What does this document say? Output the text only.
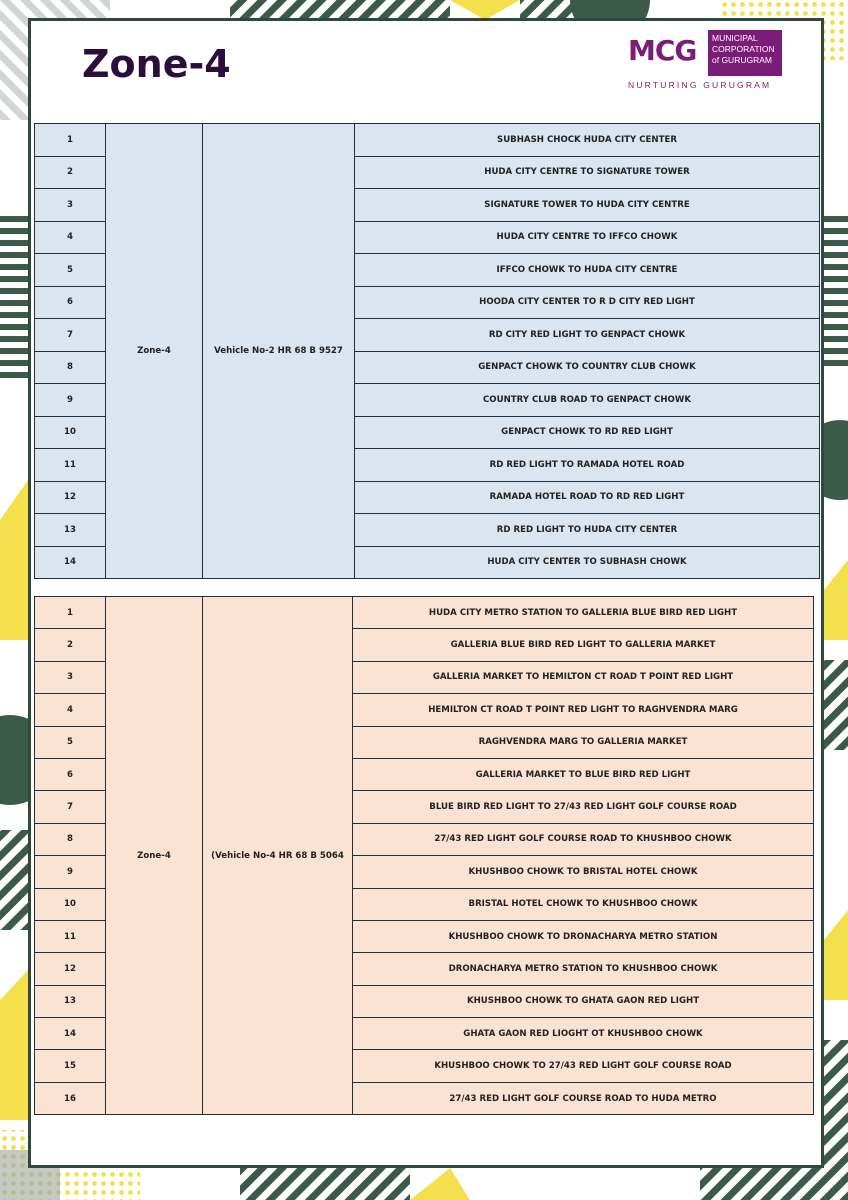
Zone-4	MCG MUNICIPAL
CORPORATION
of GURUGRAM
NURTURING GURUGRAM
1	Zone-4	Vehicle No-2 HR 68 B 9527	SUBHASH CHOCK HUDA CITY CENTER
2			HUDA CITY CENTRE TO SIGNATURE TOWER
3			SIGNATURE TOWER TO HUDA CITY CENTRE
4			HUDA CITY CENTRE TO IFFCO CHOWK
5			IFFCO CHOWK TO HUDA CITY CENTRE
6			HOODA CITY CENTER TO R D CITY RED LIGHT
7			RD CITY RED LIGHT TO GENPACT CHOWK
8			GENPACT CHOWK TO COUNTRY CLUB CHOWK
9			COUNTRY CLUB ROAD TO GENPACT CHOWK
10			GENPACT CHOWK TO RD RED LIGHT
11			RD RED LIGHT TO RAMADA HOTEL ROAD
12			RAMADA HOTEL ROAD TO RD RED LIGHT
13			RD RED LIGHT TO HUDA CITY CENTER
14			HUDA CITY CENTER TO SUBHASH CHOWK
1	Zone-4	(Vehicle No-4 HR 68 B 5064	HUDA CITY METRO STATION TO GALLERIA BLUE BIRD RED LIGHT
2			GALLERIA BLUE BIRD RED LIGHT TO GALLERIA MARKET
3			GALLERIA MARKET TO HEMILTON CT ROAD T POINT RED LIGHT
4			HEMILTON CT ROAD T POINT RED LIGHT TO RAGHVENDRA MARG
5			RAGHVENDRA MARG TO GALLERIA MARKET
6			GALLERIA MARKET TO BLUE BIRD RED LIGHT
7			BLUE BIRD RED LIGHT TO 27/43 RED LIGHT GOLF COURSE ROAD
8			27/43 RED LIGHT GOLF COURSE ROAD TO KHUSHBOO CHOWK
9			KHUSHBOO CHOWK TO BRISTAL HOTEL CHOWK
10			BRISTAL HOTEL CHOWK TO KHUSHBOO CHOWK
11			KHUSHBOO CHOWK TO DRONACHARYA METRO STATION
12			DRONACHARYA METRO STATION TO KHUSHBOO CHOWK
13			KHUSHBOO CHOWK TO GHATA GAON RED LIGHT
14			GHATA GAON RED LIOGHT OT KHUSHBOO CHOWK
15			KHUSHBOO CHOWK TO 27/43 RED LIGHT GOLF COURSE ROAD
16			27/43 RED LIGHT GOLF COURSE ROAD TO HUDA METRO
